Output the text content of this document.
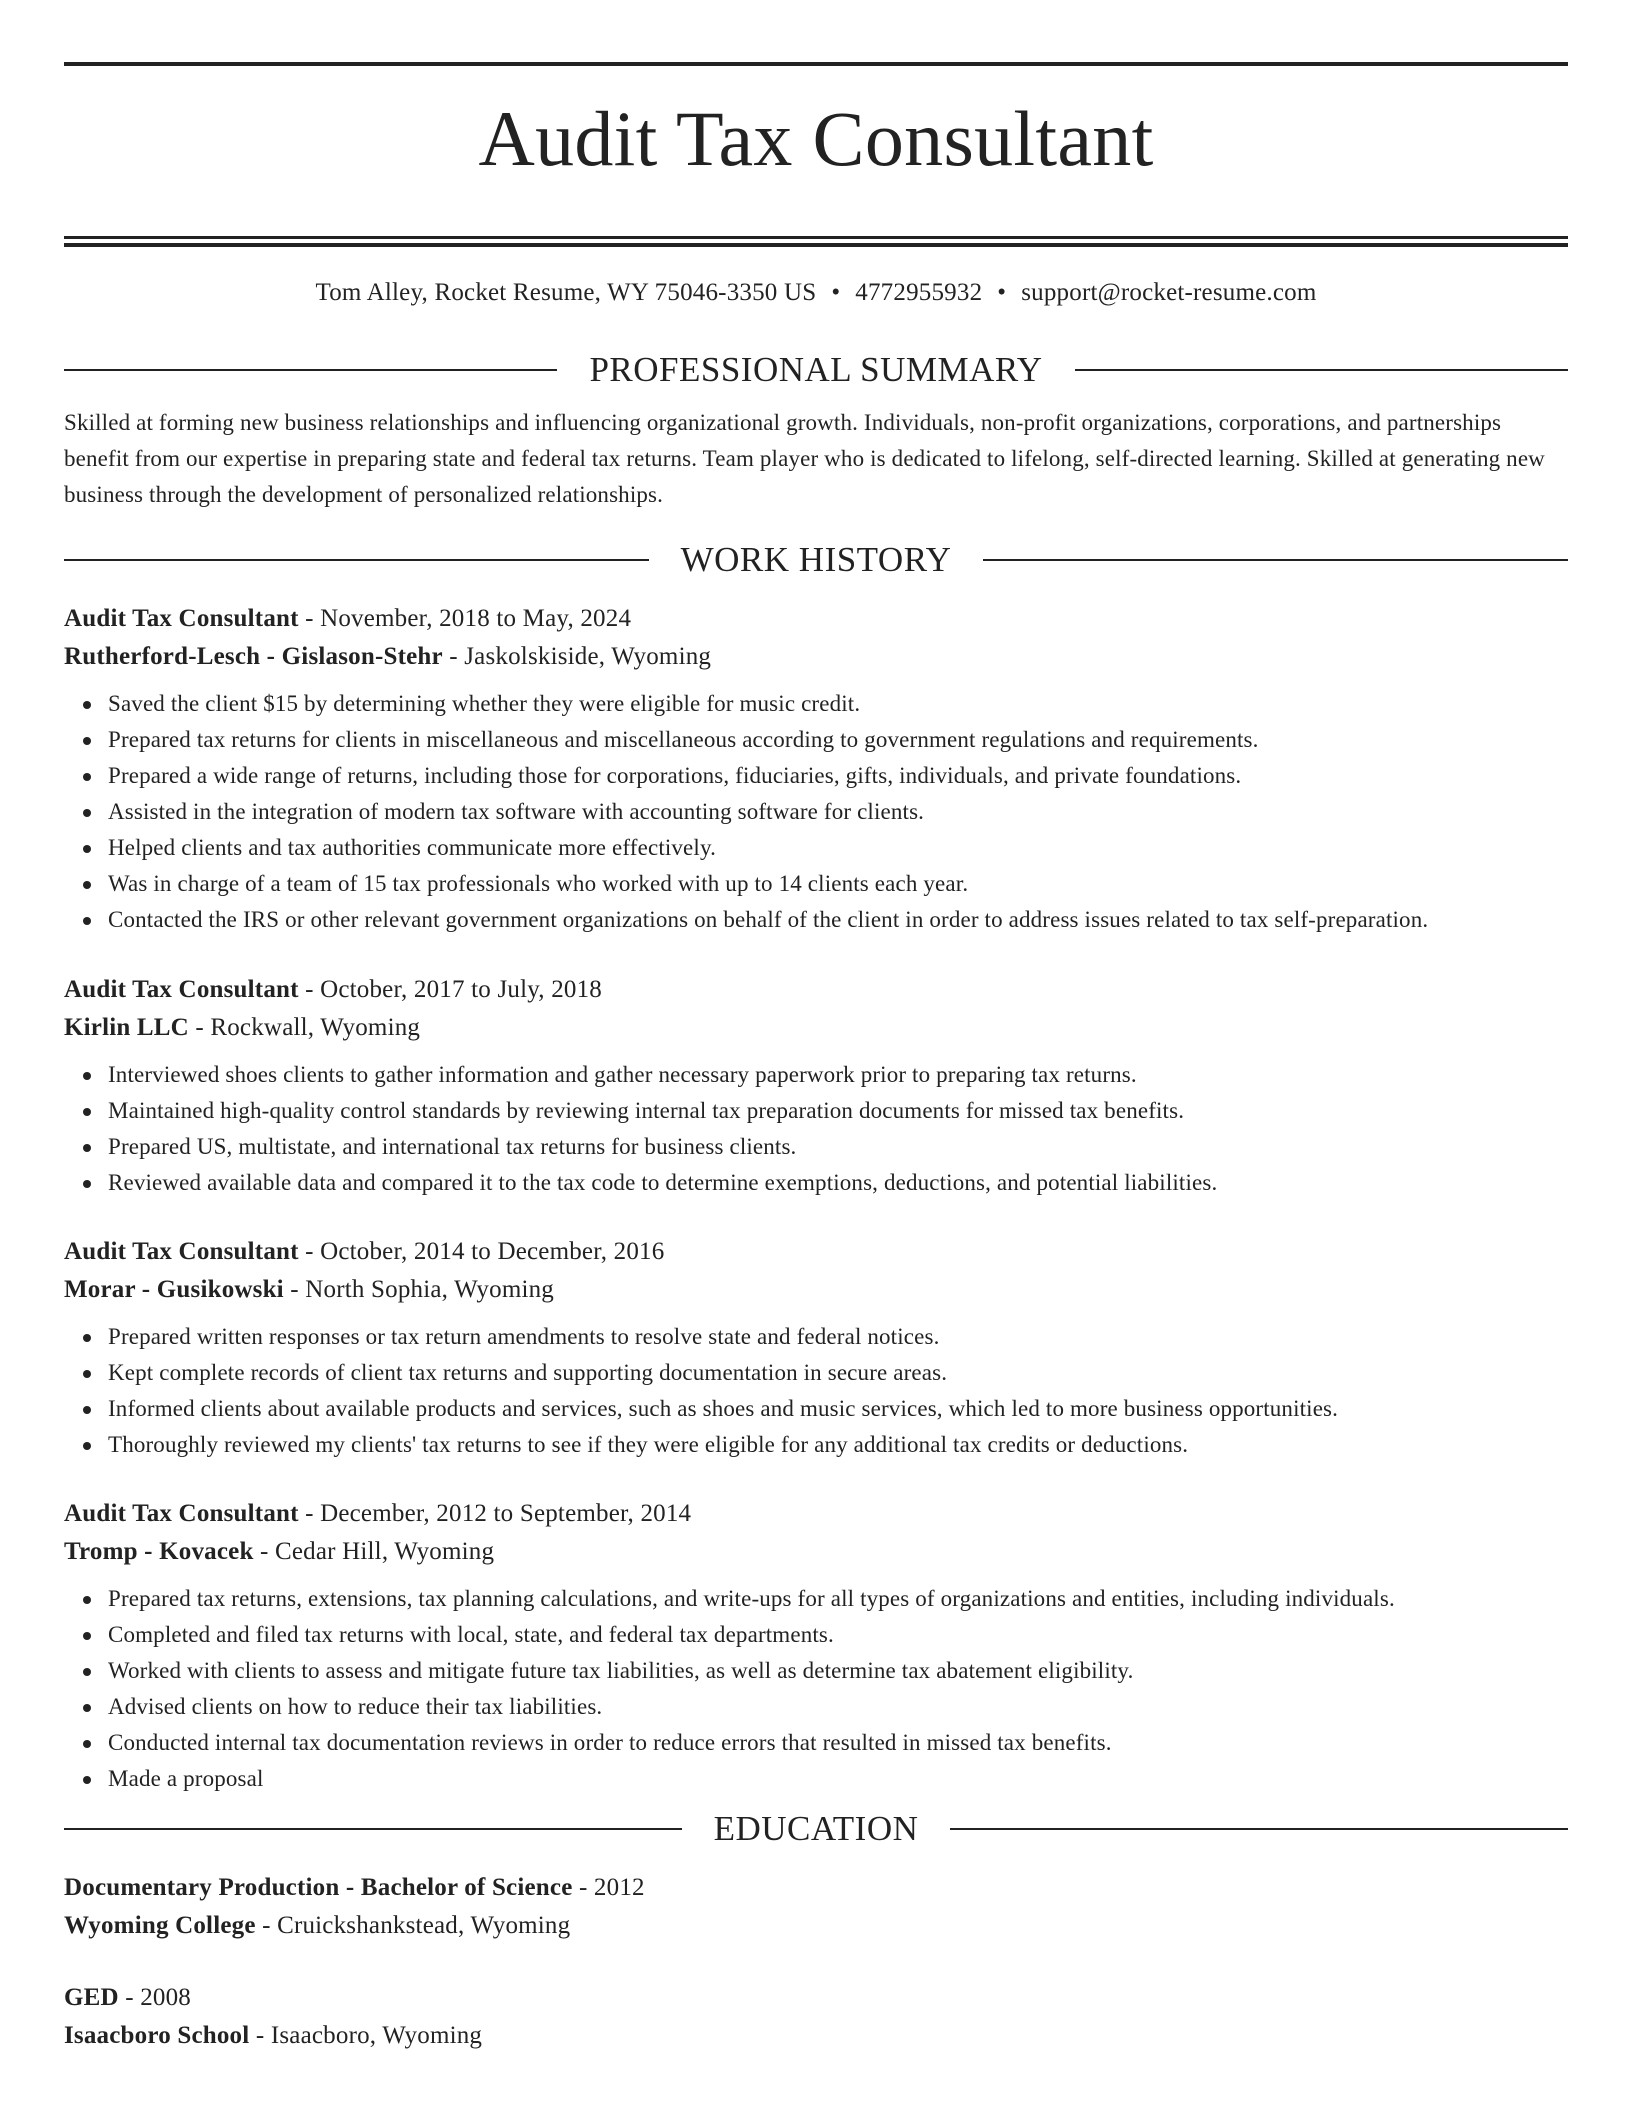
Audit Tax Consultant
Tom Alley, Rocket Resume, WY 75046-3350 US • 4772955932 • support@rocket-resume.com
PROFESSIONAL SUMMARY

Skilled at forming new business relationships and influencing organizational growth. Individuals, non-profit organizations, corporations, and partnerships benefit from our expertise in preparing state and federal tax returns. Team player who is dedicated to lifelong, self-directed learning. Skilled at generating new business through the development of personalized relationships.

WORK HISTORY
Audit Tax Consultant - November, 2018 to May, 2024
Rutherford-Lesch - Gislason-Stehr - Jaskolskiside, Wyoming
Saved the client $15 by determining whether they were eligible for music credit.
Prepared tax returns for clients in miscellaneous and miscellaneous according to government regulations and requirements.
Prepared a wide range of returns, including those for corporations, fiduciaries, gifts, individuals, and private foundations.
Assisted in the integration of modern tax software with accounting software for clients.
Helped clients and tax authorities communicate more effectively.
Was in charge of a team of 15 tax professionals who worked with up to 14 clients each year.
Contacted the IRS or other relevant government organizations on behalf of the client in order to address issues related to tax self-preparation.
Audit Tax Consultant - October, 2017 to July, 2018
Kirlin LLC - Rockwall, Wyoming
Interviewed shoes clients to gather information and gather necessary paperwork prior to preparing tax returns.
Maintained high-quality control standards by reviewing internal tax preparation documents for missed tax benefits.
Prepared US, multistate, and international tax returns for business clients.
Reviewed available data and compared it to the tax code to determine exemptions, deductions, and potential liabilities.
Audit Tax Consultant - October, 2014 to December, 2016
Morar - Gusikowski - North Sophia, Wyoming
Prepared written responses or tax return amendments to resolve state and federal notices.
Kept complete records of client tax returns and supporting documentation in secure areas.
Informed clients about available products and services, such as shoes and music services, which led to more business opportunities.
Thoroughly reviewed my clients' tax returns to see if they were eligible for any additional tax credits or deductions.
Audit Tax Consultant - December, 2012 to September, 2014
Tromp - Kovacek - Cedar Hill, Wyoming
Prepared tax returns, extensions, tax planning calculations, and write-ups for all types of organizations and entities, including individuals.
Completed and filed tax returns with local, state, and federal tax departments.
Worked with clients to assess and mitigate future tax liabilities, as well as determine tax abatement eligibility.
Advised clients on how to reduce their tax liabilities.
Conducted internal tax documentation reviews in order to reduce errors that resulted in missed tax benefits.
Made a proposal
EDUCATION
Documentary Production - Bachelor of Science - 2012
Wyoming College - Cruickshankstead, Wyoming
GED - 2008
Isaacboro School - Isaacboro, Wyoming
